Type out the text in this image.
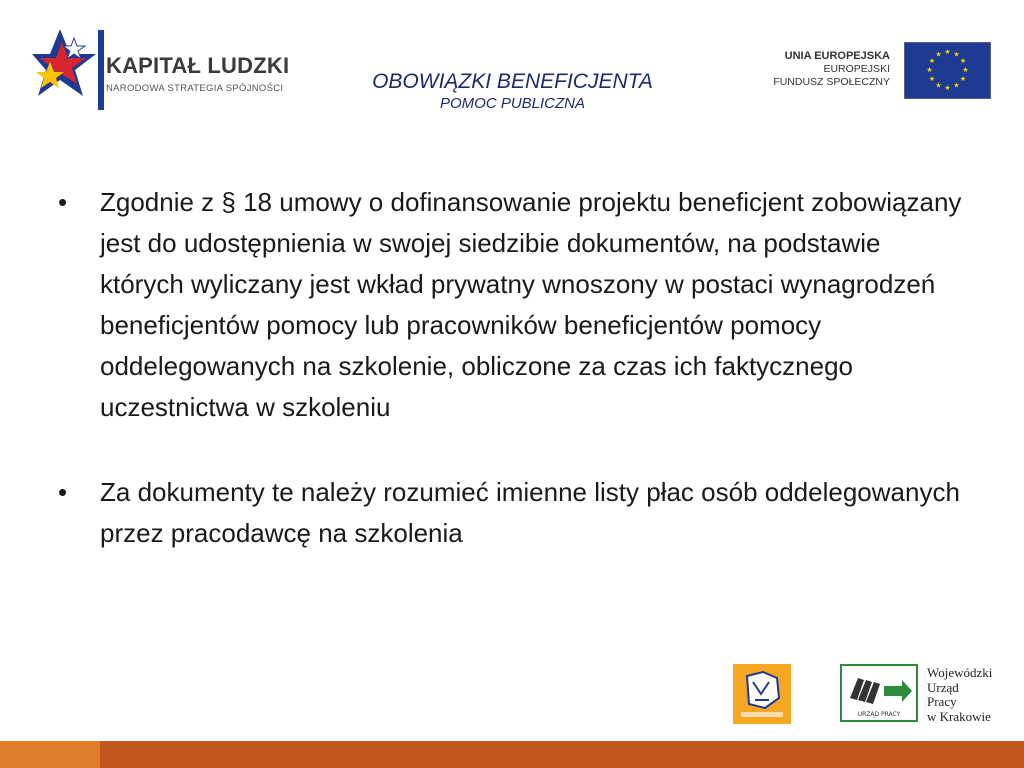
KAPITAŁ LUDZKI
NARODOWA STRATEGIA SPÓJNOŚCI	OBOWIĄZKI BENEFICJENTA
POMOC PUBLICZNA
UNIA EUROPEJSKA
EUROPEJSKI
FUNDUSZ SPOŁECZNY
★ ★
★
★
★
★
★
★
★
★
★
★
•	Zgodnie z § 18 umowy o dofinansowanie projektu beneficjent zobowiązany jest do udostępnienia w swojej siedzibie dokumentów, na podstawie których wyliczany jest wkład prywatny wnoszony w postaci wynagrodzeń beneficjentów pomocy lub pracowników beneficjentów pomocy oddelegowanych na szkolenie, obliczone za czas ich faktycznego uczestnictwa w szkoleniu
•	Za dokumenty te należy rozumieć imienne listy płac osób oddelegowanych przez pracodawcę na szkolenia
URZĄD PRACY
Wojewódzki
Urząd
Pracy
w Krakowie
